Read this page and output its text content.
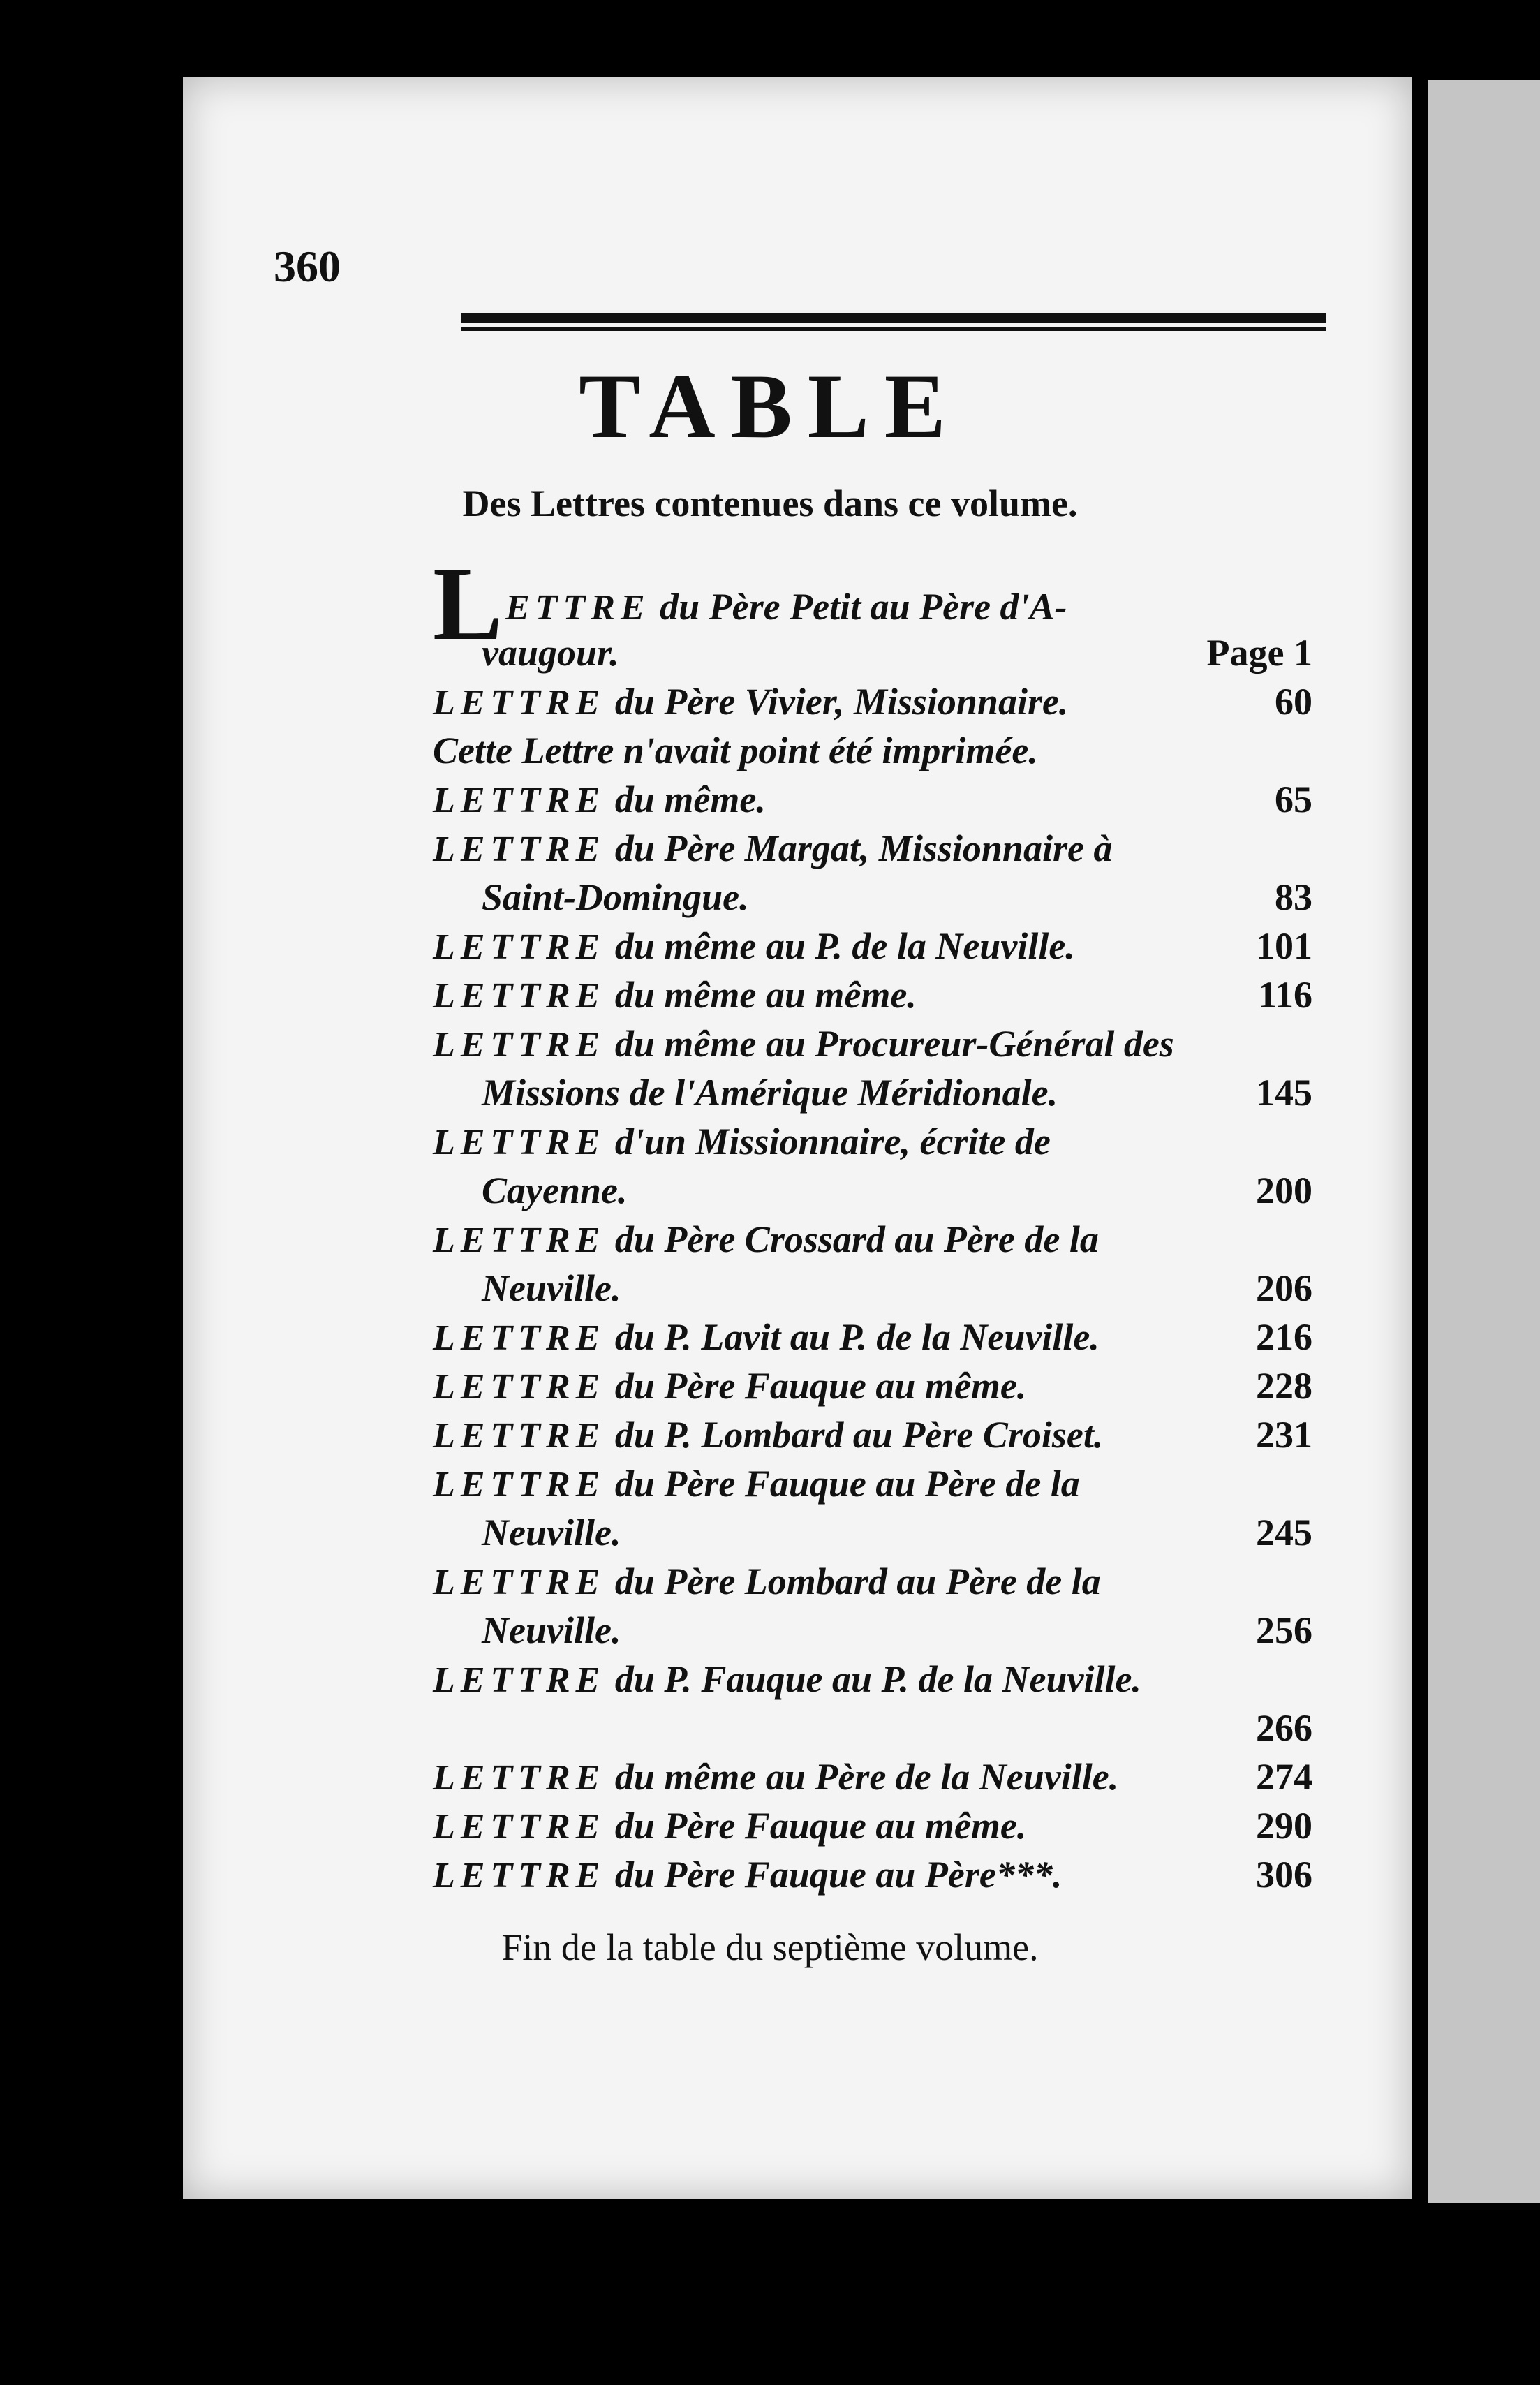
360
TABLE
Des Lettres contenues dans ce volume.
LETTRE du Père Petit au Père d'A-
vaugour.	Page 1
LETTRE du Père Vivier, Missionnaire.	60
Cette Lettre n'avait point été imprimée.
LETTRE du même.	65
LETTRE du Père Margat, Missionnaire à
Saint-Domingue.	83
LETTRE du même au P. de la Neuville.	101
LETTRE du même au même.	116
LETTRE du même au Procureur-Général des
Missions de l'Amérique Méridionale.	145
LETTRE d'un Missionnaire, écrite de
Cayenne.	200
LETTRE du Père Crossard au Père de la
Neuville.	206
LETTRE du P. Lavit au P. de la Neuville.	216
LETTRE du Père Fauque au même.	228
LETTRE du P. Lombard au Père Croiset.	231
LETTRE du Père Fauque au Père de la
Neuville.	245
LETTRE du Père Lombard au Père de la
Neuville.	256
LETTRE du P. Fauque au P. de la Neuville.
266
LETTRE du même au Père de la Neuville.	274
LETTRE du Père Fauque au même.	290
LETTRE du Père Fauque au Père***.	306
Fin de la table du septième volume.
